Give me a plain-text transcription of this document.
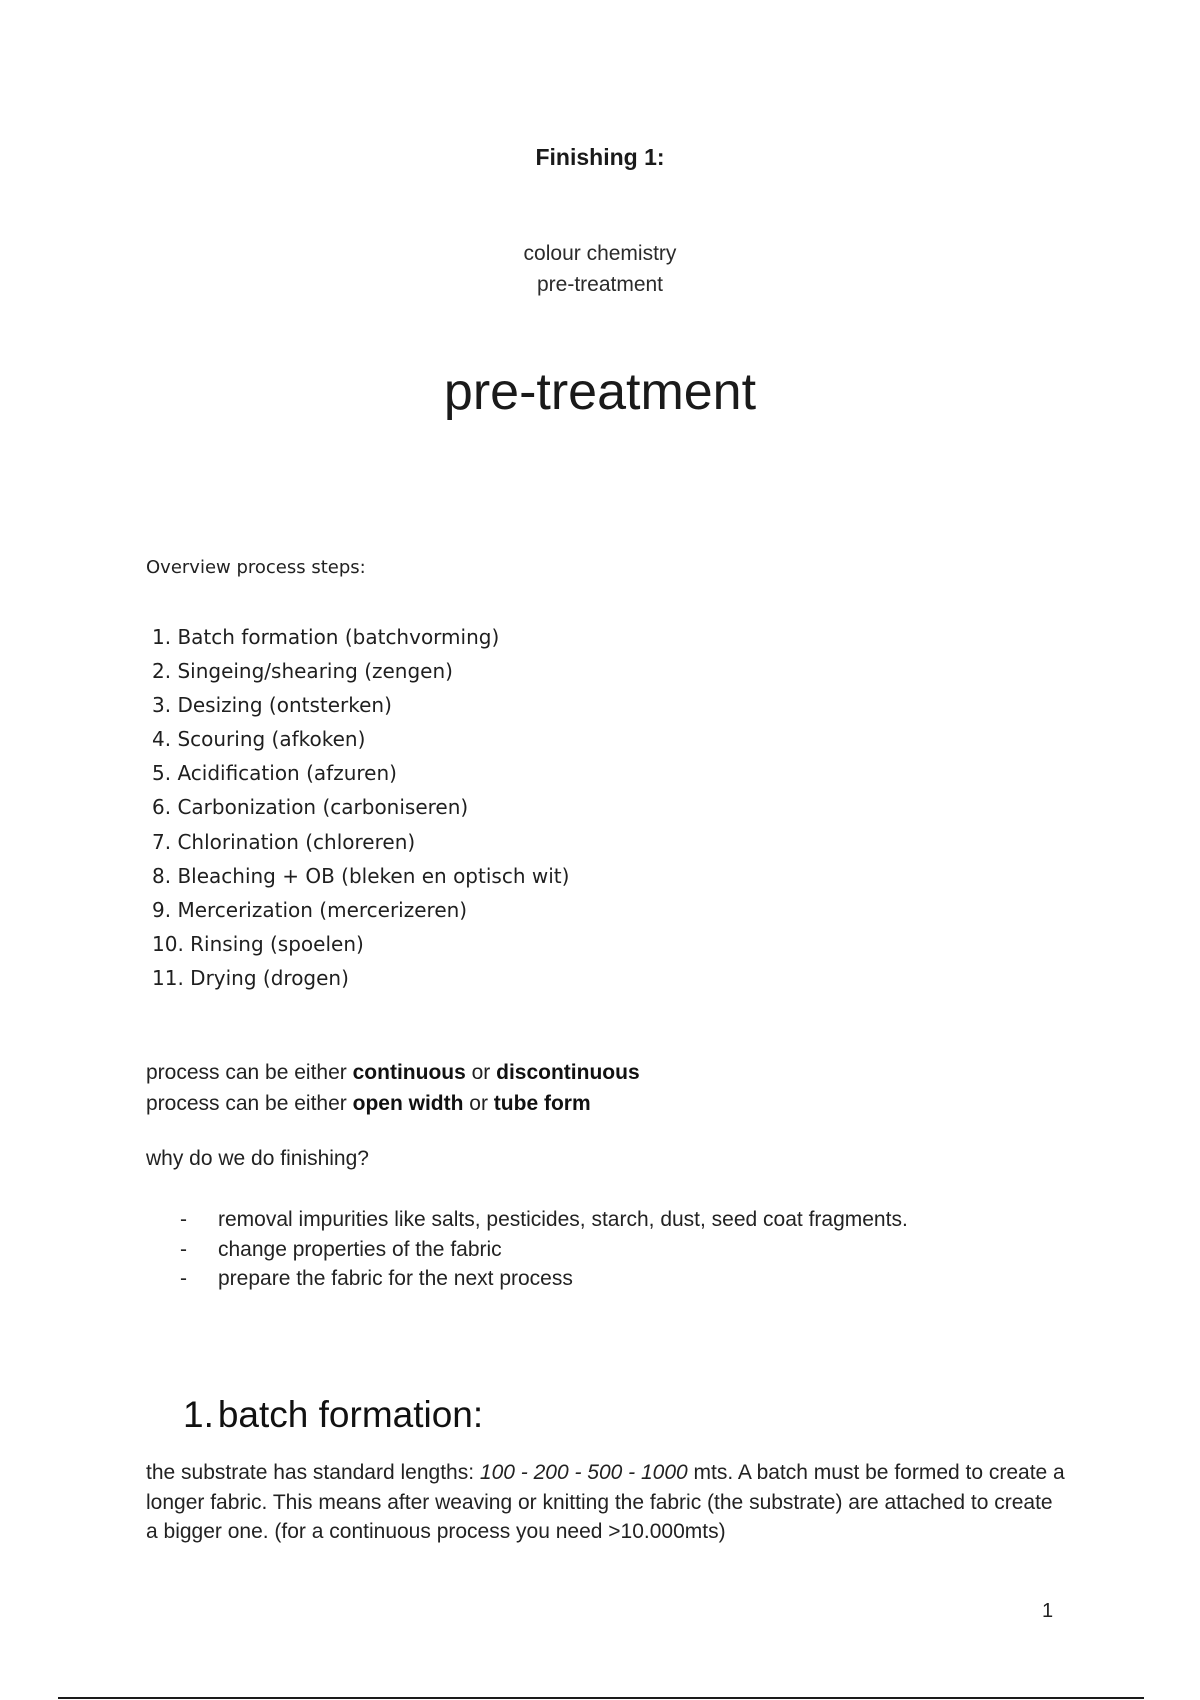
Finishing 1:
colour chemistry
pre-treatment
pre-treatment
Overview process steps:
1. Batch formation (batchvorming)
2. Singeing/shearing (zengen)
3. Desizing (ontsterken)
4. Scouring (afkoken)
5. Acidification (afzuren)
6. Carbonization (carboniseren)
7. Chlorination (chloreren)
8. Bleaching + OB (bleken en optisch wit)
9. Mercerization (mercerizeren)
10. Rinsing (spoelen)
11. Drying (drogen)
process can be either continuous or discontinuous
process can be either open width or tube form
why do we do finishing?
- removal impurities like salts, pesticides, starch, dust, seed coat fragments.
- change properties of the fabric
- prepare the fabric for the next process
1. batch formation:
the substrate has standard lengths: 100 - 200 - 500 - 1000 mts. A batch must be formed to create a longer fabric. This means after weaving or knitting the fabric (the substrate) are attached to create a bigger one. (for a continuous process you need >10.000mts)
1
